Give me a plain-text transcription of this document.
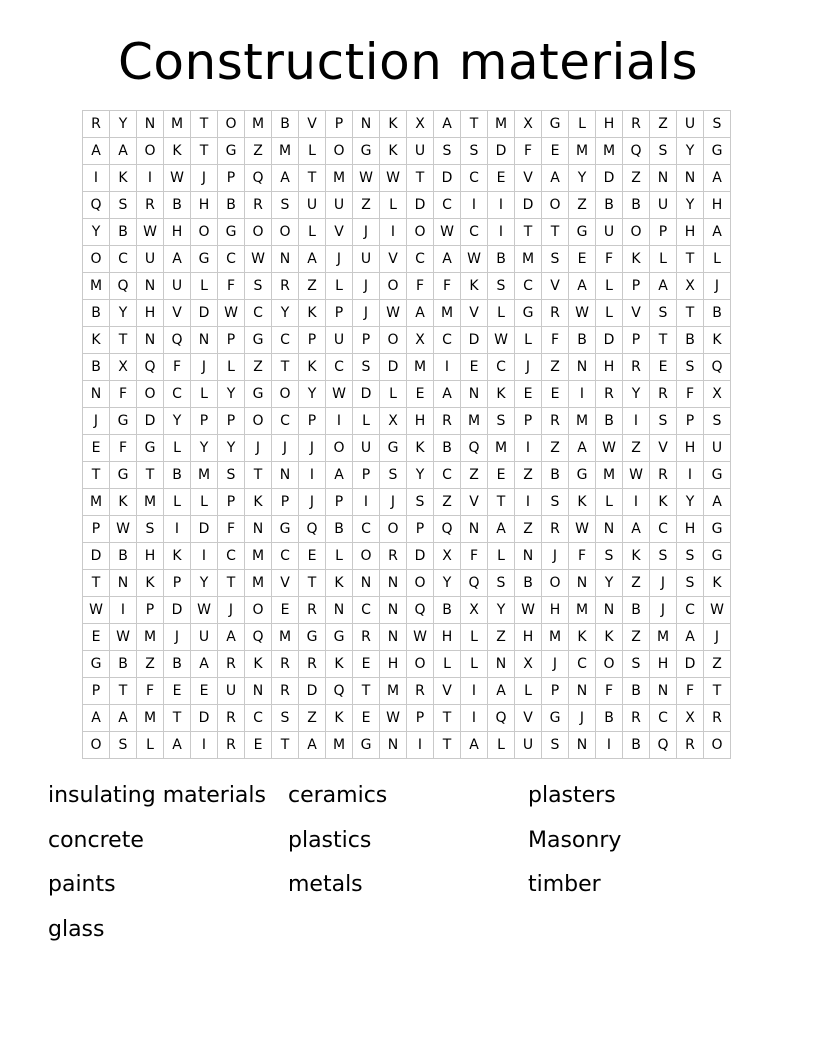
Construction materials
R	Y	N	M	T	O	M	B	V	P	N	K	X	A	T	M	X	G	L	H	R	Z	U	S
A	A	O	K	T	G	Z	M	L	O	G	K	U	S	S	D	F	E	M	M	Q	S	Y	G
I	K	I	W	J	P	Q	A	T	M	W	W	T	D	C	E	V	A	Y	D	Z	N	N	A
Q	S	R	B	H	B	R	S	U	U	Z	L	D	C	I	I	D	O	Z	B	B	U	Y	H
Y	B	W	H	O	G	O	O	L	V	J	I	O	W	C	I	T	T	G	U	O	P	H	A
O	C	U	A	G	C	W	N	A	J	U	V	C	A	W	B	M	S	E	F	K	L	T	L
M	Q	N	U	L	F	S	R	Z	L	J	O	F	F	K	S	C	V	A	L	P	A	X	J
B	Y	H	V	D	W	C	Y	K	P	J	W	A	M	V	L	G	R	W	L	V	S	T	B
K	T	N	Q	N	P	G	C	P	U	P	O	X	C	D	W	L	F	B	D	P	T	B	K
B	X	Q	F	J	L	Z	T	K	C	S	D	M	I	E	C	J	Z	N	H	R	E	S	Q
N	F	O	C	L	Y	G	O	Y	W	D	L	E	A	N	K	E	E	I	R	Y	R	F	X
J	G	D	Y	P	P	O	C	P	I	L	X	H	R	M	S	P	R	M	B	I	S	P	S
E	F	G	L	Y	Y	J	J	J	O	U	G	K	B	Q	M	I	Z	A	W	Z	V	H	U
T	G	T	B	M	S	T	N	I	A	P	S	Y	C	Z	E	Z	B	G	M	W	R	I	G
M	K	M	L	L	P	K	P	J	P	I	J	S	Z	V	T	I	S	K	L	I	K	Y	A
P	W	S	I	D	F	N	G	Q	B	C	O	P	Q	N	A	Z	R	W	N	A	C	H	G
D	B	H	K	I	C	M	C	E	L	O	R	D	X	F	L	N	J	F	S	K	S	S	G
T	N	K	P	Y	T	M	V	T	K	N	N	O	Y	Q	S	B	O	N	Y	Z	J	S	K
W	I	P	D	W	J	O	E	R	N	C	N	Q	B	X	Y	W	H	M	N	B	J	C	W
E	W	M	J	U	A	Q	M	G	G	R	N	W	H	L	Z	H	M	K	K	Z	M	A	J
G	B	Z	B	A	R	K	R	R	K	E	H	O	L	L	N	X	J	C	O	S	H	D	Z
P	T	F	E	E	U	N	R	D	Q	T	M	R	V	I	A	L	P	N	F	B	N	F	T
A	A	M	T	D	R	C	S	Z	K	E	W	P	T	I	Q	V	G	J	B	R	C	X	R
O	S	L	A	I	R	E	T	A	M	G	N	I	T	A	L	U	S	N	I	B	Q	R	O
insulating materials	ceramics	plasters
concrete	plastics	Masonry
paints	metals	timber
glass
